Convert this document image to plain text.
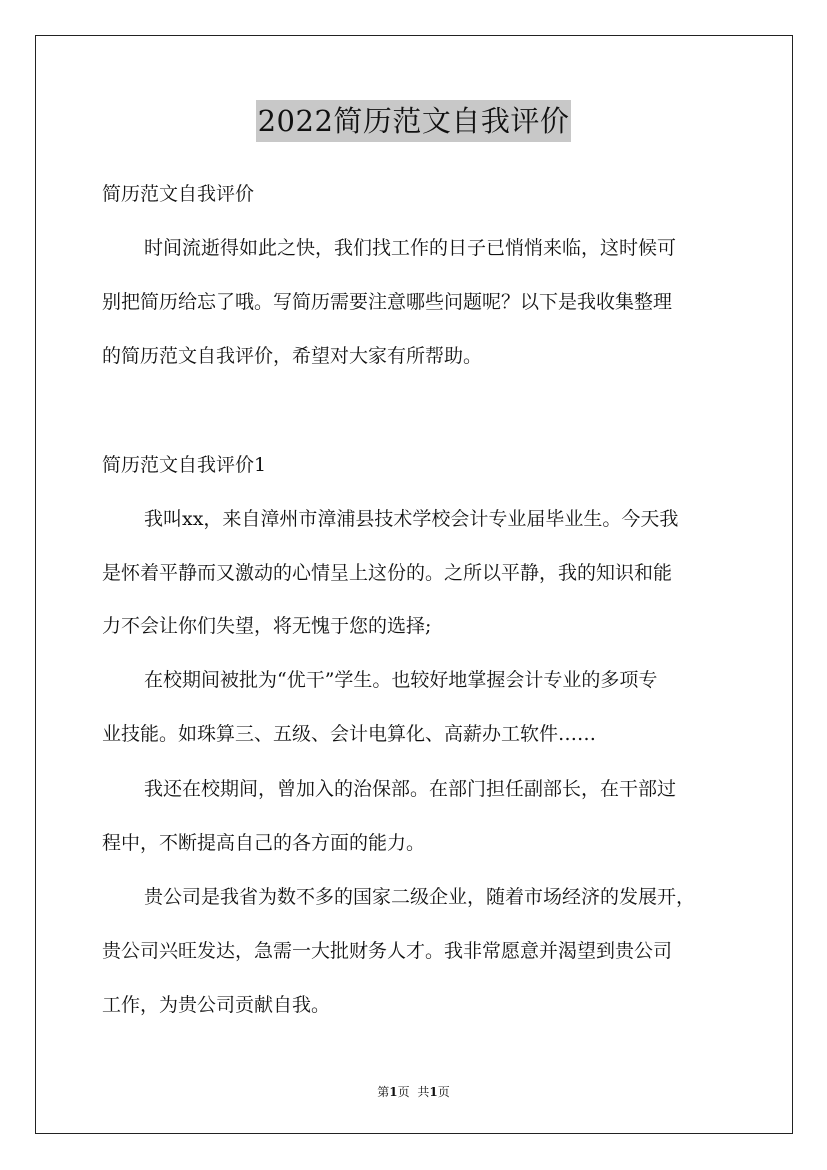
2022简历范文自我评价
简历范文自我评价
时间流逝得如此之快，我们找工作的日子已悄悄来临，这时候可
别把简历给忘了哦。写简历需要注意哪些问题呢？以下是我收集整理
的简历范文自我评价，希望对大家有所帮助。
简历范文自我评价1
我叫xx，来自漳州市漳浦县技术学校会计专业届毕业生。今天我
是怀着平静而又激动的心情呈上这份的。之所以平静，我的知识和能
力不会让你们失望，将无愧于您的选择;
在校期间被批为“优干”学生。也较好地掌握会计专业的多项专
业技能。如珠算三、五级、会计电算化、高薪办工软件……
我还在校期间，曾加入的治保部。在部门担任副部长，在干部过
程中，不断提高自己的各方面的能力。
贵公司是我省为数不多的国家二级企业，随着市场经济的发展开，
贵公司兴旺发达，急需一大批财务人才。我非常愿意并渴望到贵公司
工作，为贵公司贡献自我。
第1页 共1页
